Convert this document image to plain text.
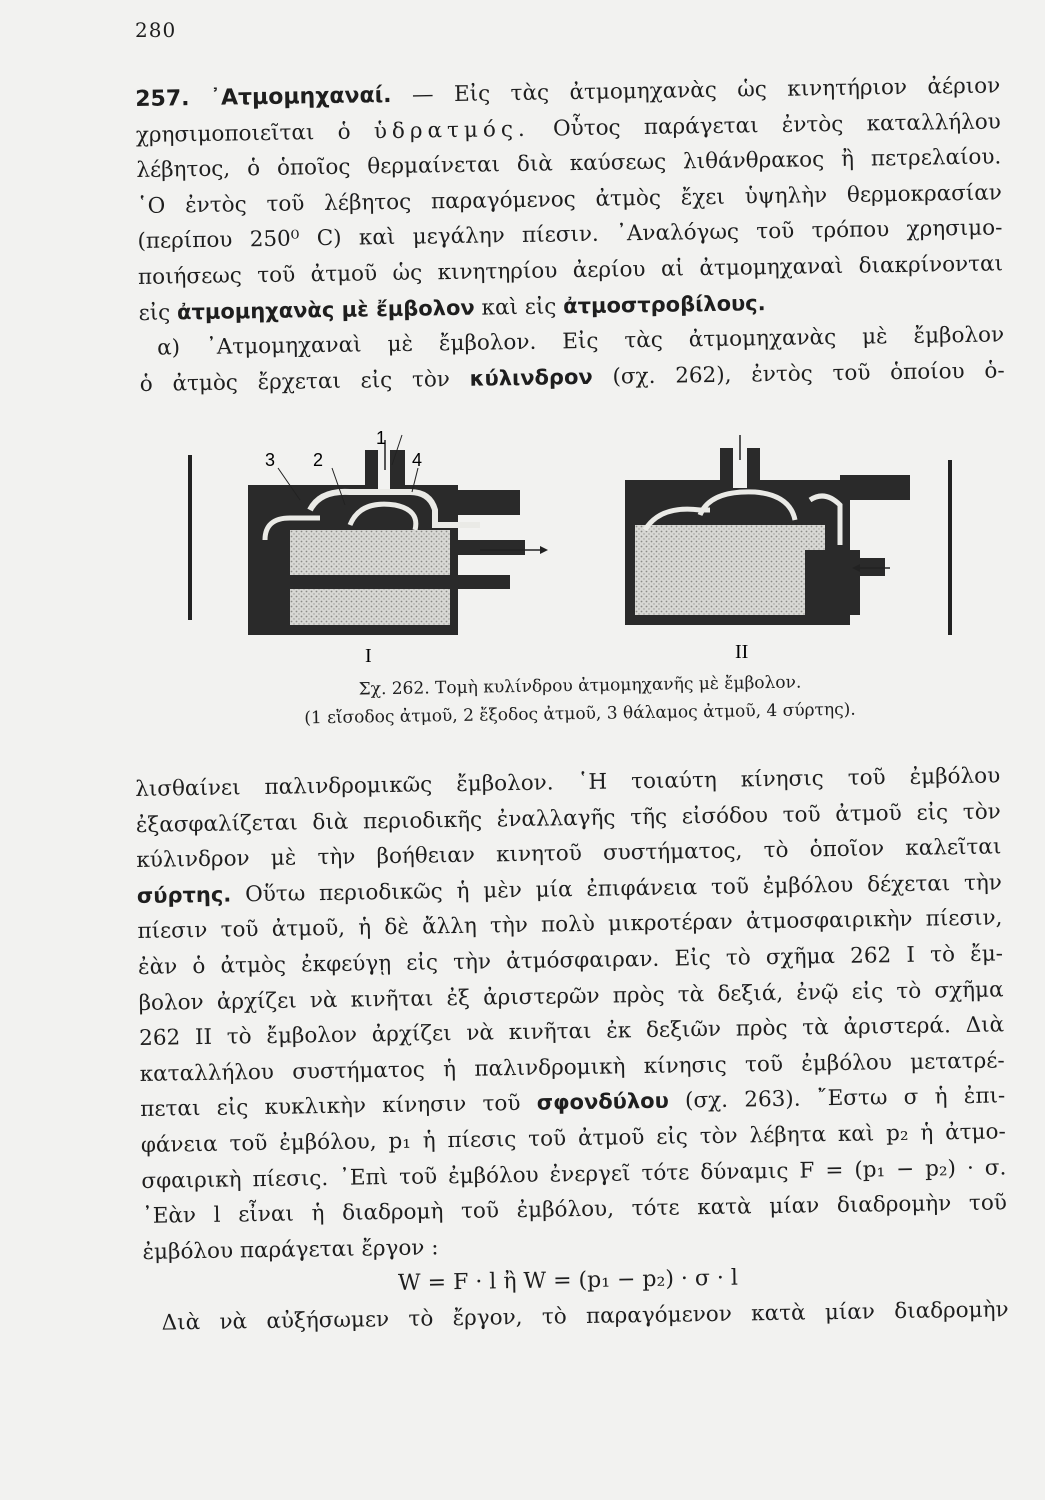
280
257. ᾿Ατμομηχαναί. — Εἰς τὰς ἀτμομηχανὰς ὡς κινητήριον ἀέριον
χρησιμοποιεῖται ὁ ὑδρατμός. Οὗτος παράγεται ἐντὸς καταλλήλου
λέβητος, ὁ ὁποῖος θερμαίνεται διὰ καύσεως λιθάνθρακος ἢ πετρελαίου.
῾Ο ἐντὸς τοῦ λέβητος παραγόμενος ἀτμὸς ἔχει ὑψηλὴν θερμοκρασίαν
(περίπου 250⁰ C) καὶ μεγάλην πίεσιν. ᾿Αναλόγως τοῦ τρόπου χρησιμο-
ποιήσεως τοῦ ἀτμοῦ ὡς κινητηρίου ἀερίου αἱ ἀτμομηχαναὶ διακρίνονται
εἰς ἀτμομηχανὰς μὲ ἔμβολον καὶ εἰς ἀτμοστροβίλους.
α) ᾿Ατμομηχαναὶ μὲ ἔμβολον. Εἰς τὰς ἀτμομηχανὰς μὲ ἔμβολον
ὁ ἀτμὸς ἔρχεται εἰς τὸν κύλινδρον (σχ. 262), ἐντὸς τοῦ ὁποίου ὁ-
3 2
1
4
I	II
Σχ. 262. Τομὴ κυλίνδρου ἀτμομηχανῆς μὲ ἔμβολον.
(1 εἴσοδος ἀτμοῦ, 2 ἔξοδος ἀτμοῦ, 3 θάλαμος ἀτμοῦ, 4 σύρτης).
λισθαίνει παλινδρομικῶς ἔμβολον. ῾Η τοιαύτη κίνησις τοῦ ἐμβόλου
ἐξασφαλίζεται διὰ περιοδικῆς ἐναλλαγῆς τῆς εἰσόδου τοῦ ἀτμοῦ εἰς τὸν
κύλινδρον μὲ τὴν βοήθειαν κινητοῦ συστήματος, τὸ ὁποῖον καλεῖται
σύρτης. Οὕτω περιοδικῶς ἡ μὲν μία ἐπιφάνεια τοῦ ἐμβόλου δέχεται τὴν
πίεσιν τοῦ ἀτμοῦ, ἡ δὲ ἄλλη τὴν πολὺ μικροτέραν ἀτμοσφαιρικὴν πίεσιν,
ἐὰν ὁ ἀτμὸς ἐκφεύγῃ εἰς τὴν ἀτμόσφαιραν. Εἰς τὸ σχῆμα 262 I τὸ ἔμ-
βολον ἀρχίζει νὰ κινῆται ἐξ ἀριστερῶν πρὸς τὰ δεξιά, ἐνῷ εἰς τὸ σχῆμα
262 II τὸ ἔμβολον ἀρχίζει νὰ κινῆται ἐκ δεξιῶν πρὸς τὰ ἀριστερά. Διὰ
καταλλήλου συστήματος ἡ παλινδρομικὴ κίνησις τοῦ ἐμβόλου μετατρέ-
πεται εἰς κυκλικὴν κίνησιν τοῦ σφονδύλου (σχ. 263). ῎Εστω σ ἡ ἐπι-
φάνεια τοῦ ἐμβόλου, p₁ ἡ πίεσις τοῦ ἀτμοῦ εἰς τὸν λέβητα καὶ p₂ ἡ ἀτμο-
σφαιρικὴ πίεσις. ᾿Επὶ τοῦ ἐμβόλου ἐνεργεῖ τότε δύναμις F = (p₁ − p₂) · σ.
᾿Εὰν l εἶναι ἡ διαδρομὴ τοῦ ἐμβόλου, τότε κατὰ μίαν διαδρομὴν τοῦ
ἐμβόλου παράγεται ἔργον :
W = F · l ἢ W = (p₁ − p₂) · σ · l
Διὰ νὰ αὐξήσωμεν τὸ ἔργον, τὸ παραγόμενον κατὰ μίαν διαδρομὴν
